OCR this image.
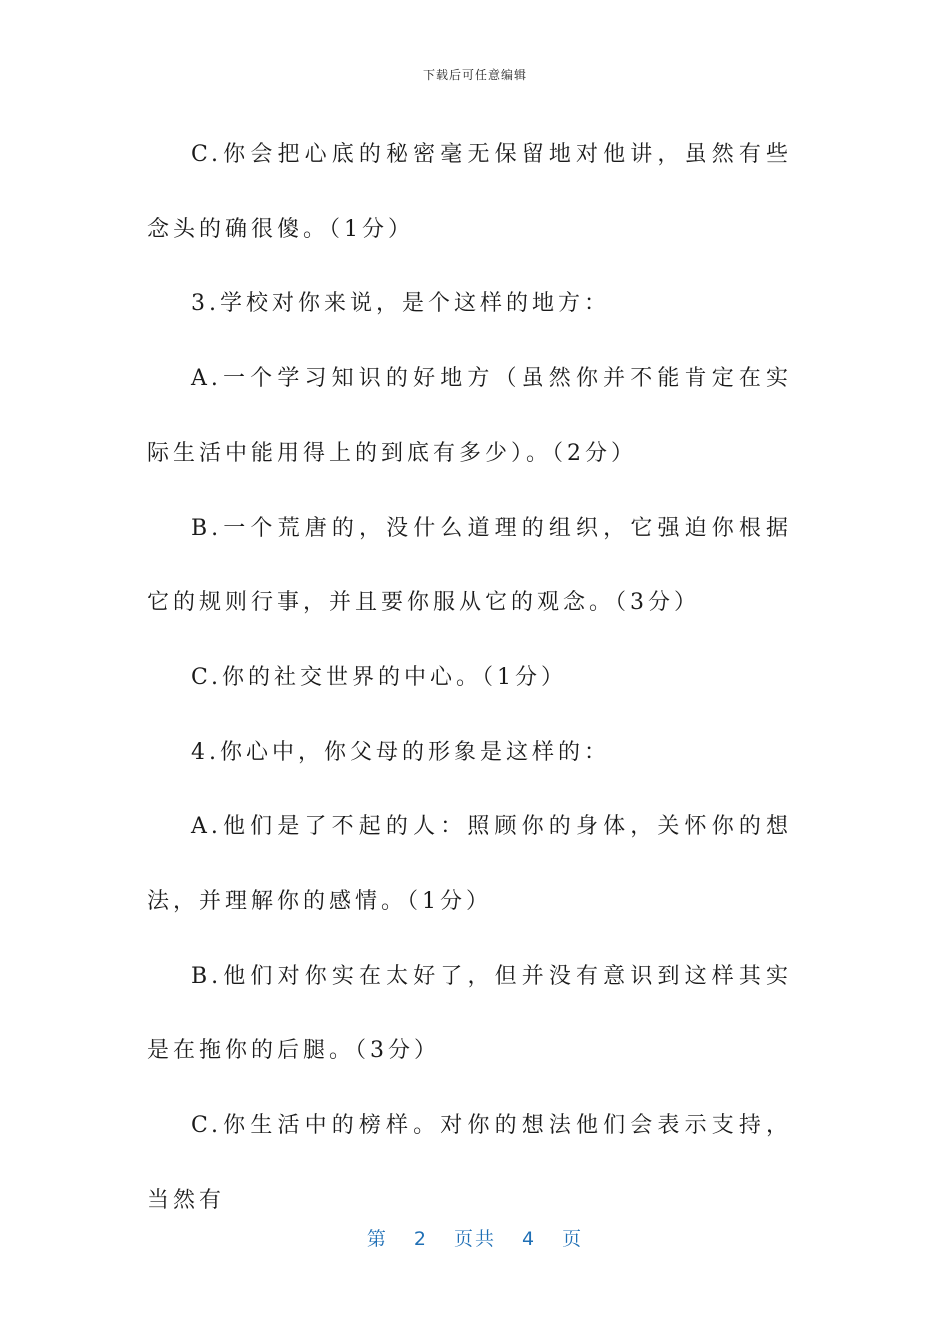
下载后可任意编辑

C.你会把心底的秘密毫无保留地对他讲，虽然有些念头的确很傻。（1分）

3.学校对你来说，是个这样的地方：

A.一个学习知识的好地方（虽然你并不能肯定在实际生活中能用得上的到底有多少）。（2分）

B.一个荒唐的，没什么道理的组织，它强迫你根据它的规则行事，并且要你服从它的观念。（3分）

C.你的社交世界的中心。（1分）

4.你心中，你父母的形象是这样的：

A.他们是了不起的人：照顾你的身体，关怀你的想法，并理解你的感情。（1分）

B.他们对你实在太好了，但并没有意识到这样其实是在拖你的后腿。（3分）

C.你生活中的榜样。对你的想法他们会表示支持，当然有

第 2 页共 4 页
